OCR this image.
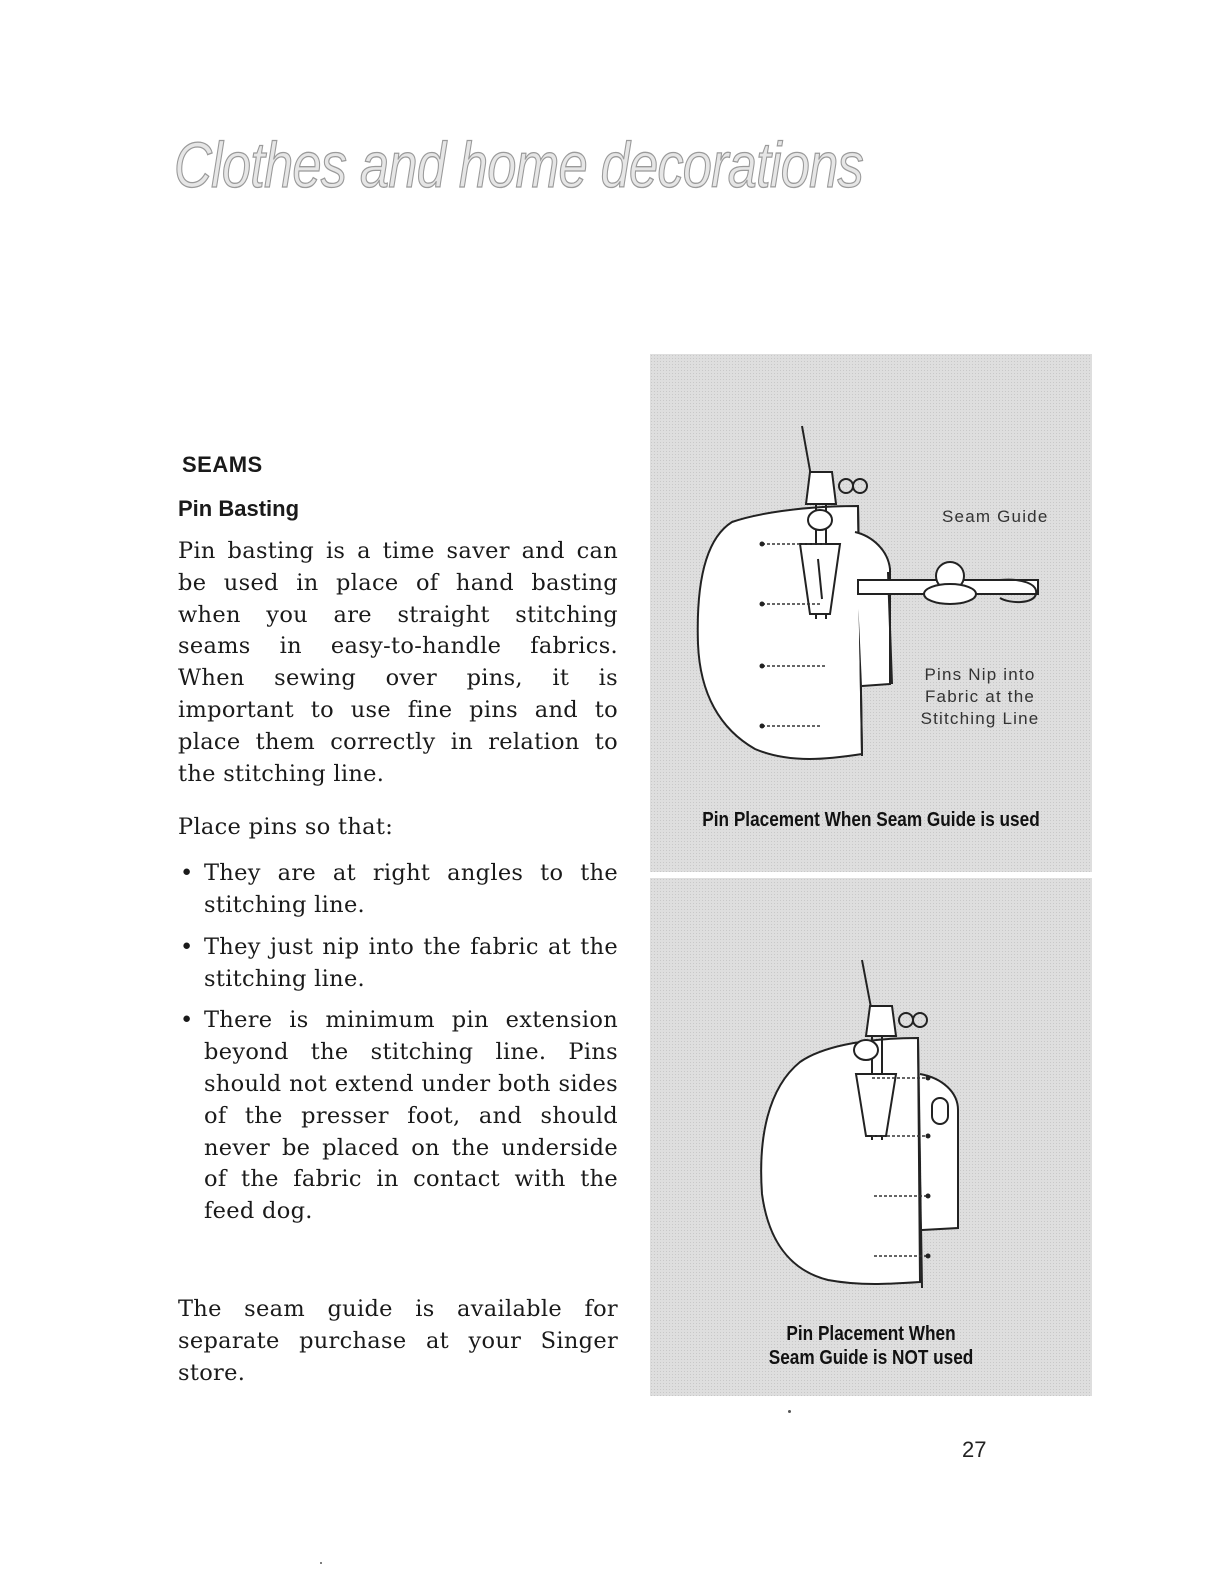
Clothes and home decorations
SEAMS
Pin Basting

Pin basting is a time saver and can be used in place of hand basting when you are straight stitching seams in easy-to-handle fabrics. When sewing over pins, it is important to use fine pins and to place them correctly in relation to the stitching line.

Place pins so that:

• They are at right angles to the stitching line.
• They just nip into the fabric at the stitching line.
• There is minimum pin extension beyond the stitching line. Pins should not extend under both sides of the presser foot, and should never be placed on the underside of the fabric in contact with the feed dog.

The seam guide is available for separate purchase at your Singer store.

Seam Guide
Pins Nip into
Fabric at the
Stitching Line
Pin Placement When Seam Guide is used
Pin Placement When
Seam Guide is NOT used
27
